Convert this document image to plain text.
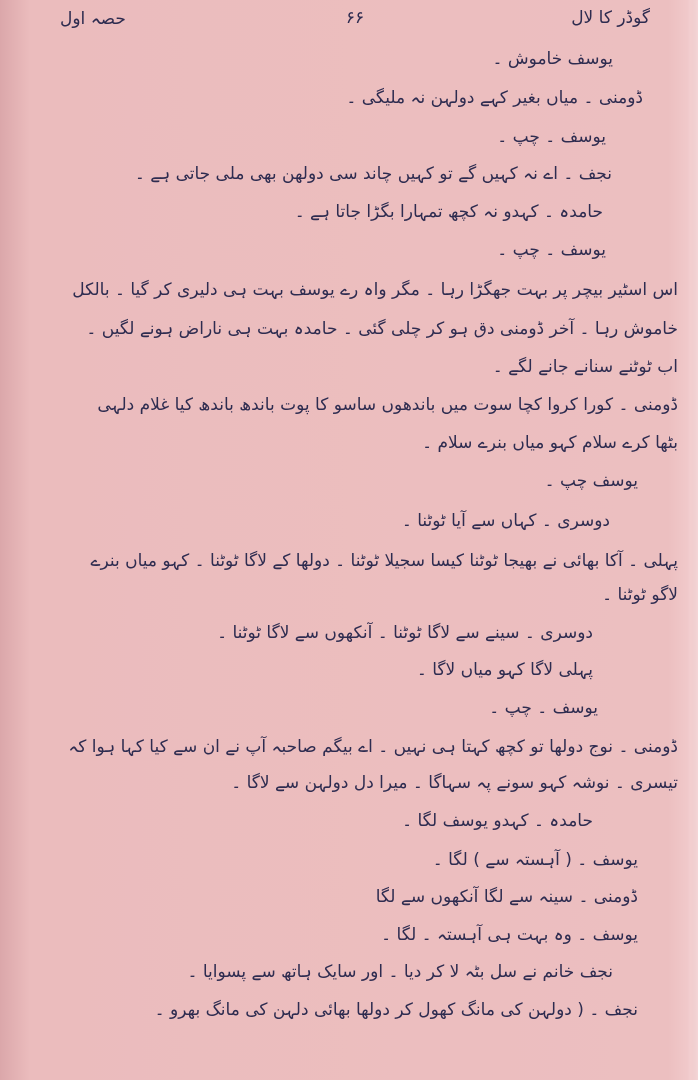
گوڈر کا لال
۶۶
حصہ اول
یوسف خاموش ۔
ڈومنی ۔ میاں بغیر کہے دولہن نہ ملیگی ۔
یوسف ۔ چپ ۔
نجف ۔ اے نہ کہیں گے تو کہیں چاند سی دولھن بھی ملی جاتی ہے ۔
حامدہ ۔ کہدو نہ کچھ تمہارا بگڑا جاتا ہے ۔
یوسف ۔ چپ ۔
اس اسٹیر بیچر پر بہت جھگڑا رہا ۔ مگر واہ رے یوسف بہت ہی دلیری کر گیا ۔ بالکل
خاموش رہا ۔ آخر ڈومنی دق ہو کر چلی گئی ۔ حامدہ بہت ہی ناراض ہونے لگیں ۔
اب ٹوٹنے سنانے جانے لگے ۔
ڈومنی ۔ کورا کروا کچا سوت میں باندھوں ساسو کا پوت باندھ باندھ کیا غلام دلہی
بٹھا کرے سلام کہو میاں بنرے سلام ۔
یوسف چپ ۔
دوسری ۔ کہاں سے آیا ٹوٹنا ۔
پہلی ۔ آکا بھائی نے بھیجا ٹوٹنا کیسا سجیلا ٹوٹنا ۔ دولھا کے لاگا ٹوٹنا ۔ کہو میاں بنرے
لاگو ٹوٹنا ۔
دوسری ۔ سینے سے لاگا ٹوٹنا ۔ آنکھوں سے لاگا ٹوٹنا ۔
پہلی لاگا کہو میاں لاگا ۔
یوسف ۔ چپ ۔
ڈومنی ۔ نوج دولھا تو کچھ کہتا ہی نہیں ۔ اے بیگم صاحبہ آپ نے ان سے کیا کہا ہوا کہ
تیسری ۔ نوشہ کہو سونے پہ سہاگا ۔ میرا دل دولہن سے لاگا ۔
حامدہ ۔ کہدو یوسف لگا ۔
یوسف ۔ ( آہستہ سے ) لگا ۔
ڈومنی ۔ سینہ سے لگا آنکھوں سے لگا
یوسف ۔ وہ بہت ہی آہستہ ۔ لگا ۔
نجف خانم نے سل بٹہ لا کر دیا ۔ اور سایک ہاتھ سے پسوایا ۔
نجف ۔ ( دولہن کی مانگ کھول کر دولھا بھائی دلہن کی مانگ بھرو ۔
